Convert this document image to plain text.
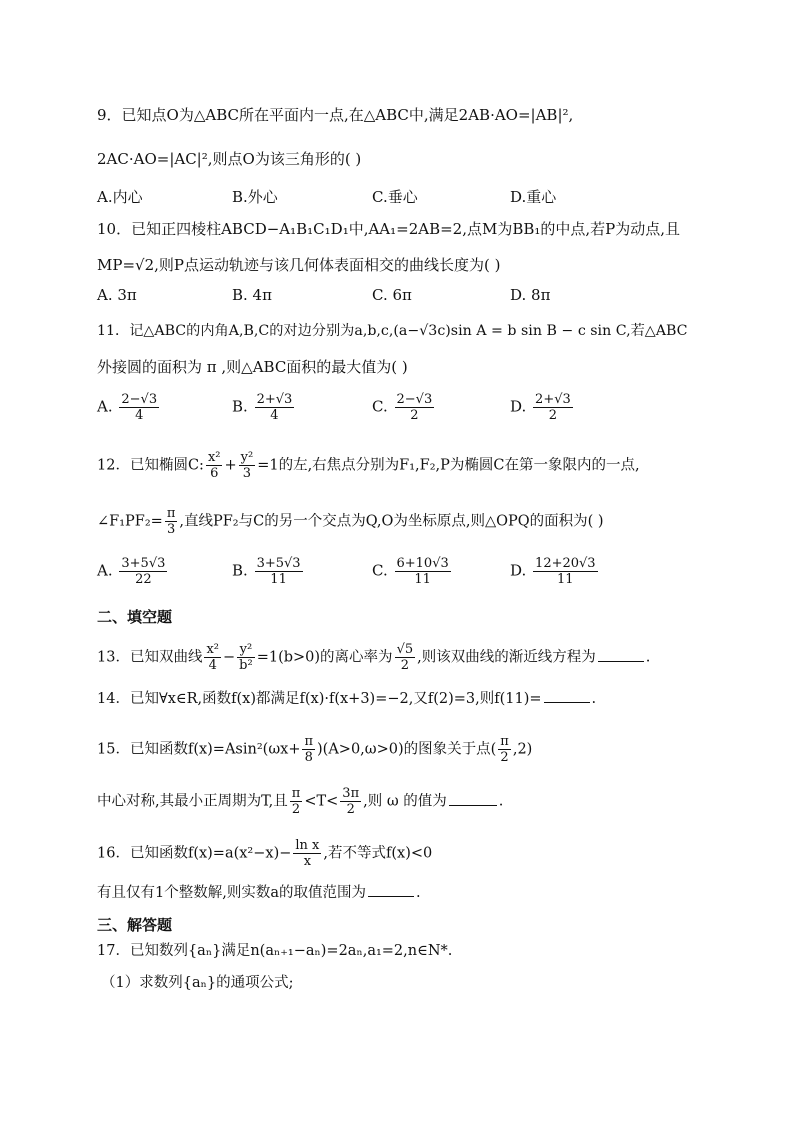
9．已知点O为△ABC所在平面内一点,在△ABC中,满足2AB·AO=|AB|²,
2AC·AO=|AC|²,则点O为该三角形的( )
A.内心	B.外心	C.垂心	D.重心
10．已知正四棱柱ABCD−A₁B₁C₁D₁中,AA₁=2AB=2,点M为BB₁的中点,若P为动点,且
MP=√2,则P点运动轨迹与该几何体表面相交的曲线长度为( )
A. 3π	B. 4π	C. 6π	D. 8π
11．记△ABC的内角A,B,C的对边分别为a,b,c,(a−√3c)sin A = b sin B − c sin C,若△ABC
外接圆的面积为 π ,则△ABC面积的最大值为( )
A. $\frac{2-√3}{4}$	B. $\frac{2+√3}{4}$	C. $\frac{2-√3}{2}$	D. $\frac{2+√3}{2}$
12．已知椭圆C: $\frac{\text{x²}}{6} + \frac{\text{y²}}{3} =1$的左,右焦点分别为F₁,F₂,P为椭圆C在第一象限内的一点,
∠F₁PF₂= $\frac{\pi}{3}$ ,直线PF₂与C的另一个交点为Q,O为坐标原点,则△OPQ的面积为( )
A. $\frac{3+5√3}{22}$	B. $\frac{3+5√3}{11}$	C. $\frac{6+10√3}{11}$	D. $\frac{12+20√3}{11}$
二、填空题
13．已知双曲线 $\frac{\text{x²}}{4} - \frac{\text{y²}}{\text{b²}} =1(b>0)$的离心率为 $\frac{√5}{2}$ ,则该双曲线的渐近线方程为	.
14．已知∀x∈R,函数f(x)都满足f(x)·f(x+3)=−2,又f(2)=3,则f(11)=	.
15．已知函数$f(x)=Asin^2(\omega x+ \frac{\pi}{8} )(A>0,\omega>0)$的图象关于点( $\frac{\pi}{2} ,2$)
中心对称,其最小正周期为T,且 $\frac{\pi}{2} <T< \frac{3\pi}{2}$ ,则 ω 的值为	.
16．已知函数$f(x)=a(x^2-x)- \frac{\text{ln x}}{x}$ ,若不等式f(x)<0
有且仅有1个整数解,则实数a的取值范围为	.
三、解答题
17．已知数列{aₙ}满足n(aₙ₊₁−aₙ)=2aₙ,a₁=2,n∈N*.
（1）求数列{aₙ}的通项公式;
